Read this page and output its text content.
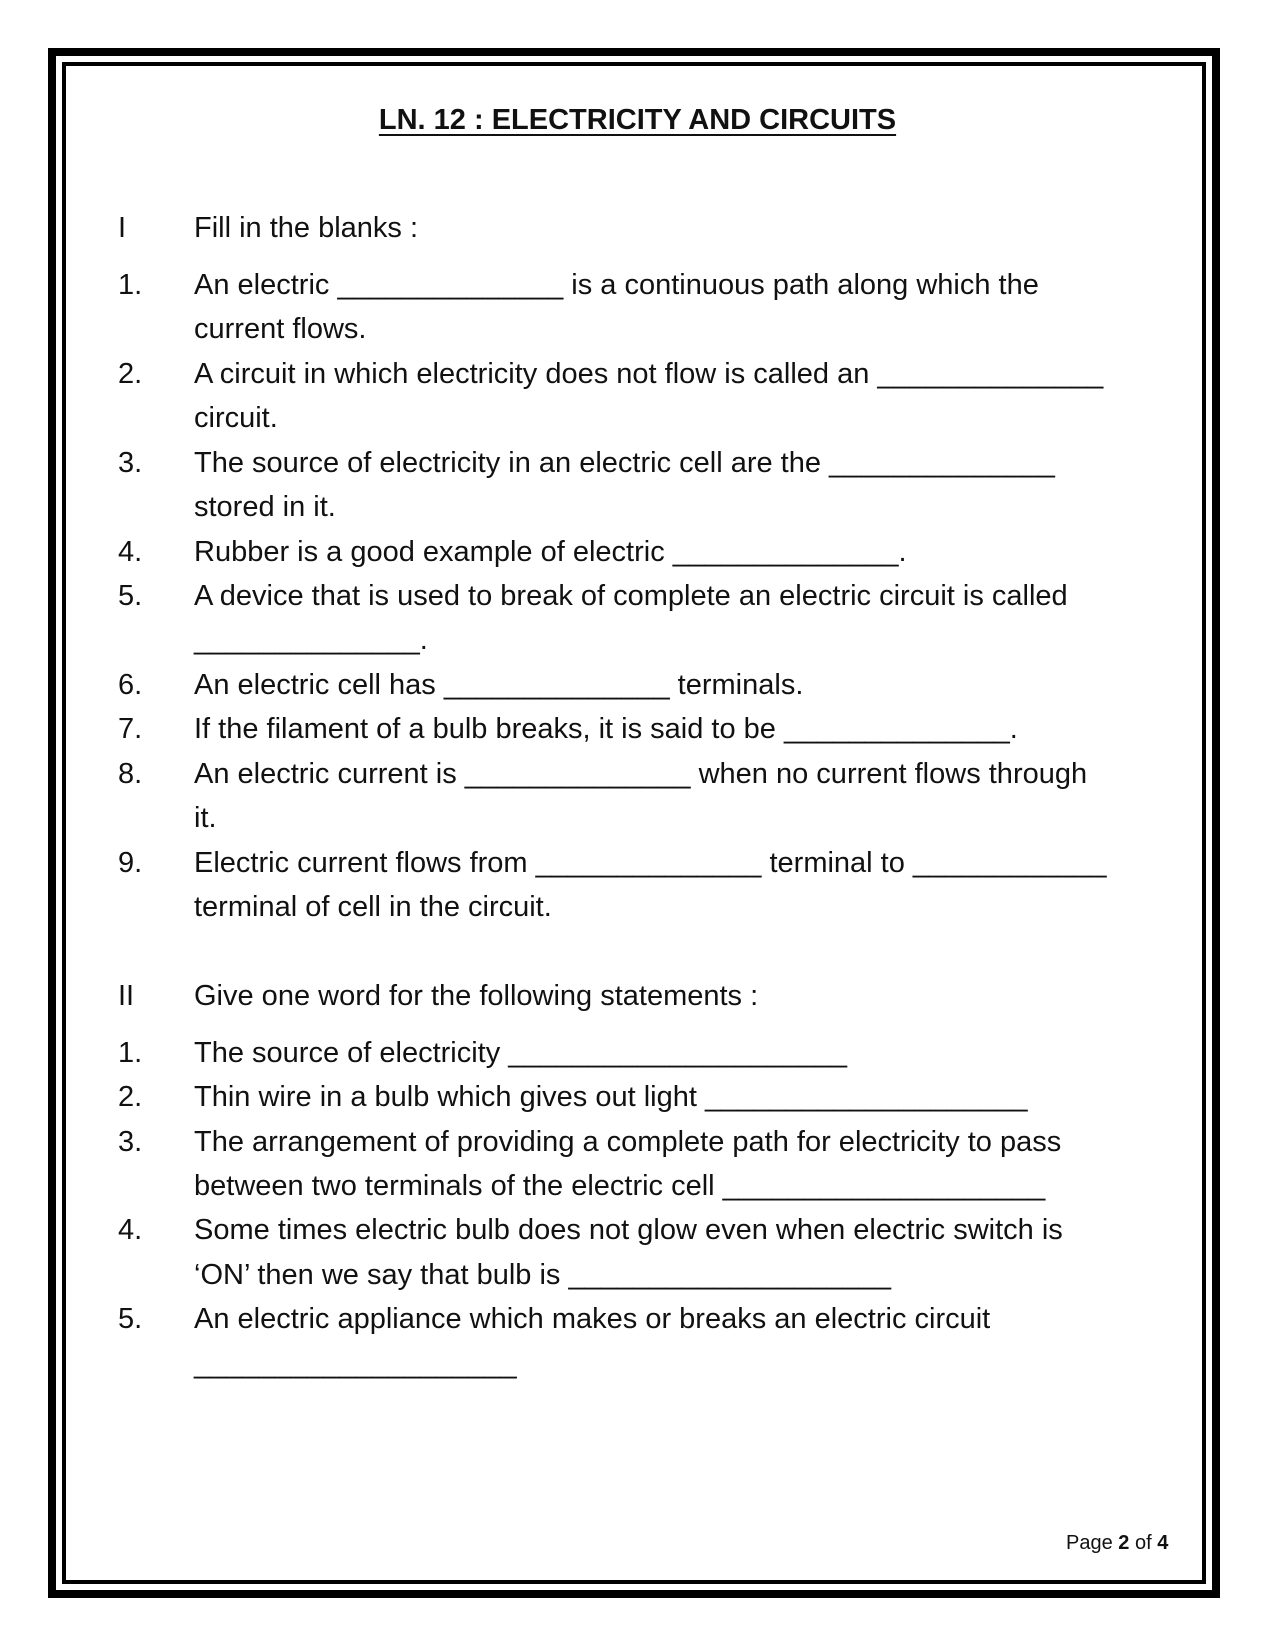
LN. 12 : ELECTRICITY AND CIRCUITS
I Fill in the blanks :
1. An electric ______________ is a continuous path along which the
current flows.
2. A circuit in which electricity does not flow is called an ______________
circuit.
3. The source of electricity in an electric cell are the ______________
stored in it.
4. Rubber is a good example of electric ______________.
5. A device that is used to break of complete an electric circuit is called
______________.
6. An electric cell has ______________ terminals.
7. If the filament of a bulb breaks, it is said to be ______________.
8. An electric current is ______________ when no current flows through
it.
9. Electric current flows from ______________ terminal to ____________
terminal of cell in the circuit.
II Give one word for the following statements :
1. The source of electricity _____________________
2. Thin wire in a bulb which gives out light ____________________
3. The arrangement of providing a complete path for electricity to pass
between two terminals of the electric cell ____________________
4. Some times electric bulb does not glow even when electric switch is
‘ON’ then we say that bulb is ____________________
5. An electric appliance which makes or breaks an electric circuit
____________________
Page 2 of 4
